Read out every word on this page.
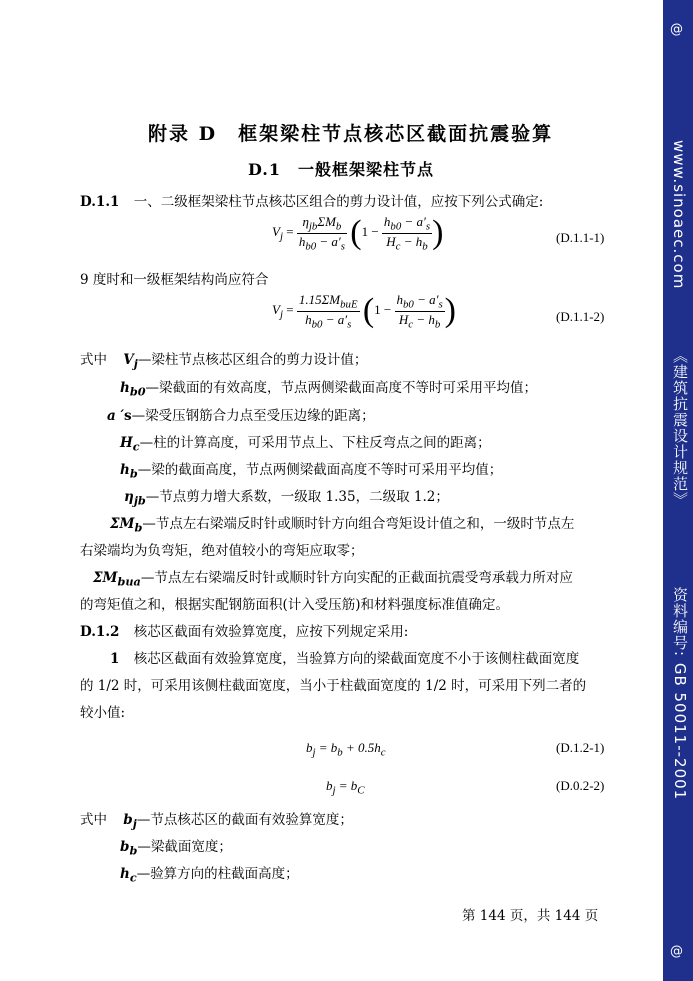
@
www.sinoaec.com
《建筑抗震设计规范》
资料编号: GB 50011--2001
@
附录 D　框架梁柱节点核芯区截面抗震验算
D.1　一般框架梁柱节点
D.1.1 一、二级框架梁柱节点核芯区组合的剪力设计值，应按下列公式确定:
$V_j = \frac{\eta_{jb}\Sigma M_b}{h_{b0} - a'_s} (1 - \frac{h_{b0} - a'_s}{H_c - h_b}$ )	(D.1.1-1)
9 度时和一级框架结构尚应符合
$V_j = \frac{1.15\Sigma M_{buE}}{h_{b0} - a'_s} (1 - \frac{h_{b0} - a'_s}{H_c - h_b}$ )	(D.1.1-2)
式中 $V_j—$梁柱节点核芯区组合的剪力设计值；
$h_{b0}—$梁截面的有效高度，节点两侧梁截面高度不等时可采用平均值；
a ′s—梁受压钢筋合力点至受压边缘的距离；
$H_c—$柱的计算高度，可采用节点上、下柱反弯点之间的距离；
$h_b—$梁的截面高度，节点两侧梁截面高度不等时可采用平均值；
$\eta_{jb}—$节点剪力增大系数，一级取 1.35，二级取 1.2；
$\Sigma M_b—$节点左右梁端反时针或顺时针方向组合弯矩设计值之和，一级时节点左
右梁端均为负弯矩，绝对值较小的弯矩应取零；
$\Sigma M_{bua}—$节点左右梁端反时针或顺时针方向实配的正截面抗震受弯承载力所对应
的弯矩值之和，根据实配钢筋面积(计入受压筋)和材料强度标准值确定。
D.1.2 核芯区截面有效验算宽度，应按下列规定采用:
1 核芯区截面有效验算宽度，当验算方向的梁截面宽度不小于该侧柱截面宽度
的 1/2 时，可采用该侧柱截面宽度，当小于柱截面宽度的 1/2 时，可采用下列二者的
较小值:
$b_j = b_b + 0.5h_c$	(D.1.2-1)
$b_j = b_C$	(D.0.2-2)
式中 $b_j—$节点核芯区的截面有效验算宽度；
$b_b—$梁截面宽度；
$h_c—$验算方向的柱截面高度；
第 144 页，共 144 页
